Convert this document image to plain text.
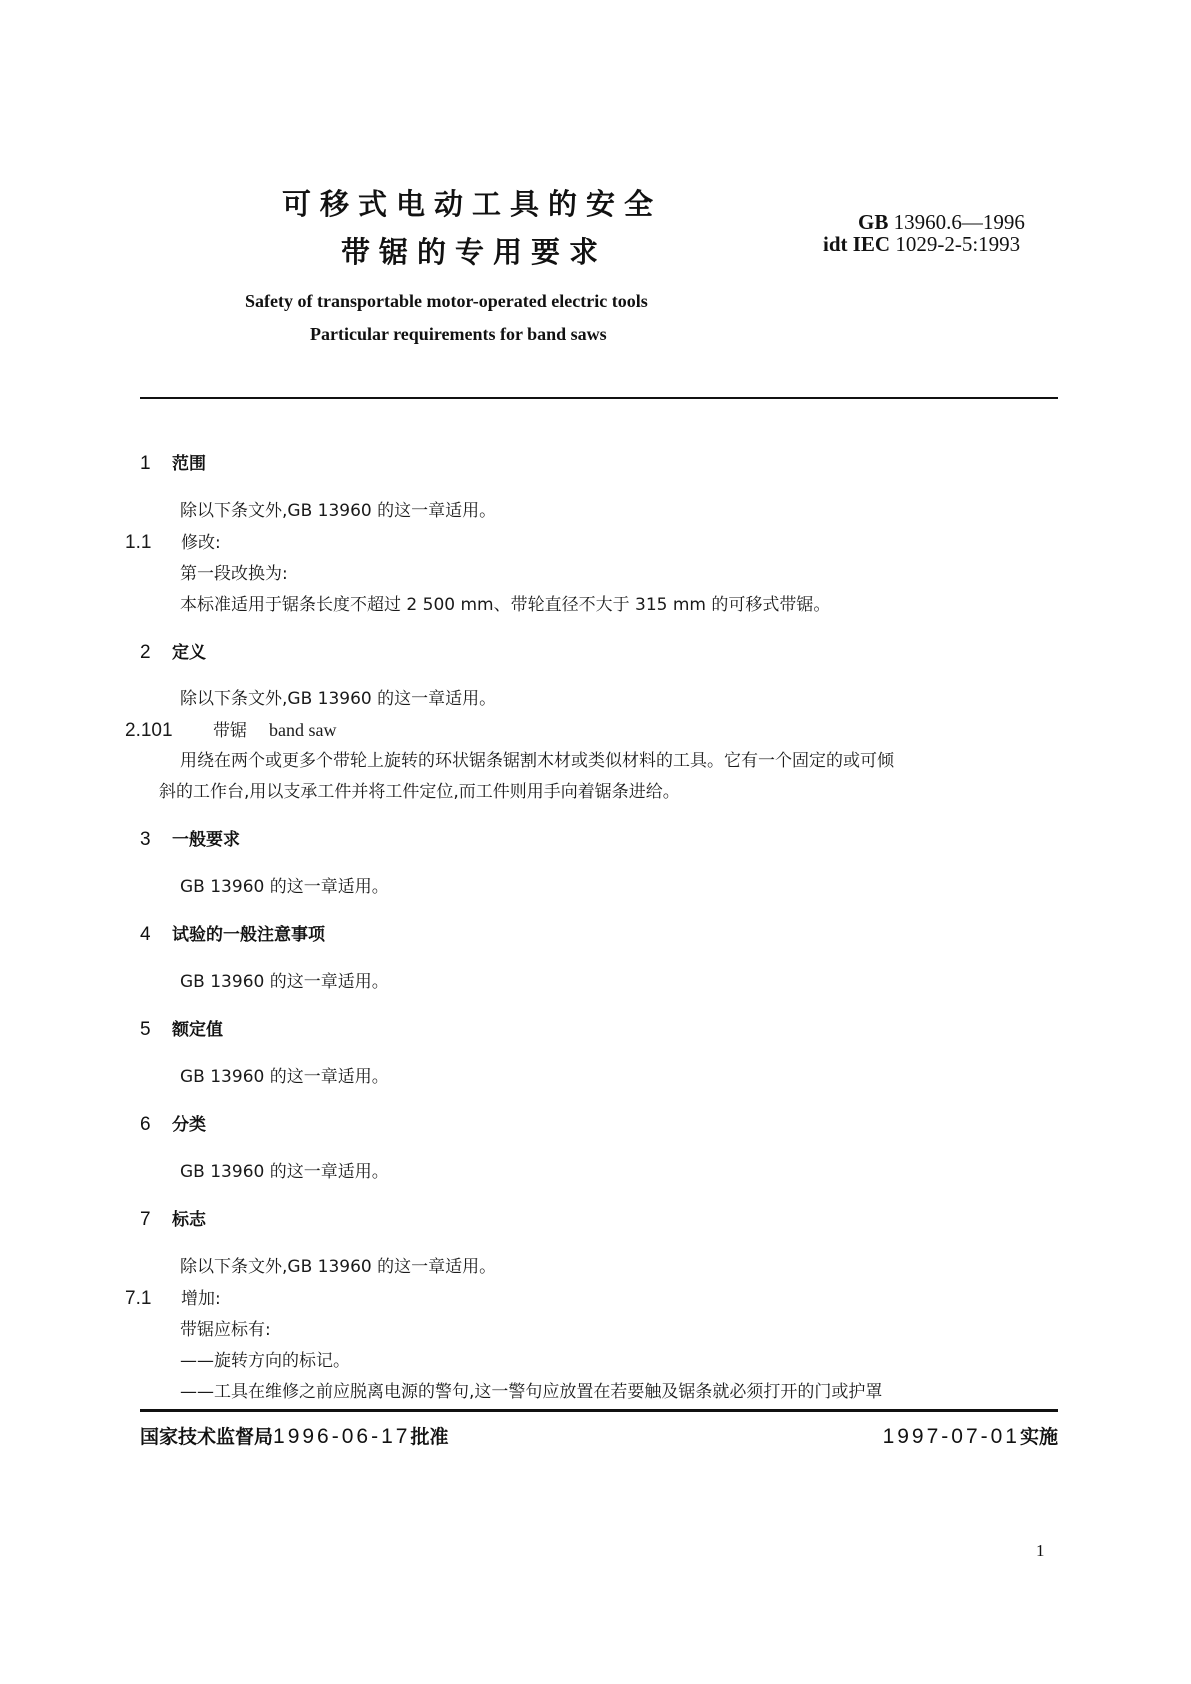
可移式电动工具的安全
带锯的专用要求
GB 13960.6—1996
idt IEC 1029-2-5:1993
Safety of transportable motor-operated electric tools
Particular requirements for band saws
1 范围
除以下条文外,GB 13960 的这一章适用。
1.1 修改:
第一段改换为:
本标准适用于锯条长度不超过 2 500 mm、带轮直径不大于 315 mm 的可移式带锯。
2 定义
除以下条文外,GB 13960 的这一章适用。
2.101 带锯 band saw
用绕在两个或更多个带轮上旋转的环状锯条锯割木材或类似材料的工具。它有一个固定的或可倾
斜的工作台,用以支承工件并将工件定位,而工件则用手向着锯条进给。
3 一般要求
GB 13960 的这一章适用。
4 试验的一般注意事项
GB 13960 的这一章适用。
5 额定值
GB 13960 的这一章适用。
6 分类
GB 13960 的这一章适用。
7 标志
除以下条文外,GB 13960 的这一章适用。
7.1 增加:
带锯应标有:
——旋转方向的标记。
——工具在维修之前应脱离电源的警句,这一警句应放置在若要触及锯条就必须打开的门或护罩
国家技术监督局1996-06-17批准	1997-07-01实施
1
